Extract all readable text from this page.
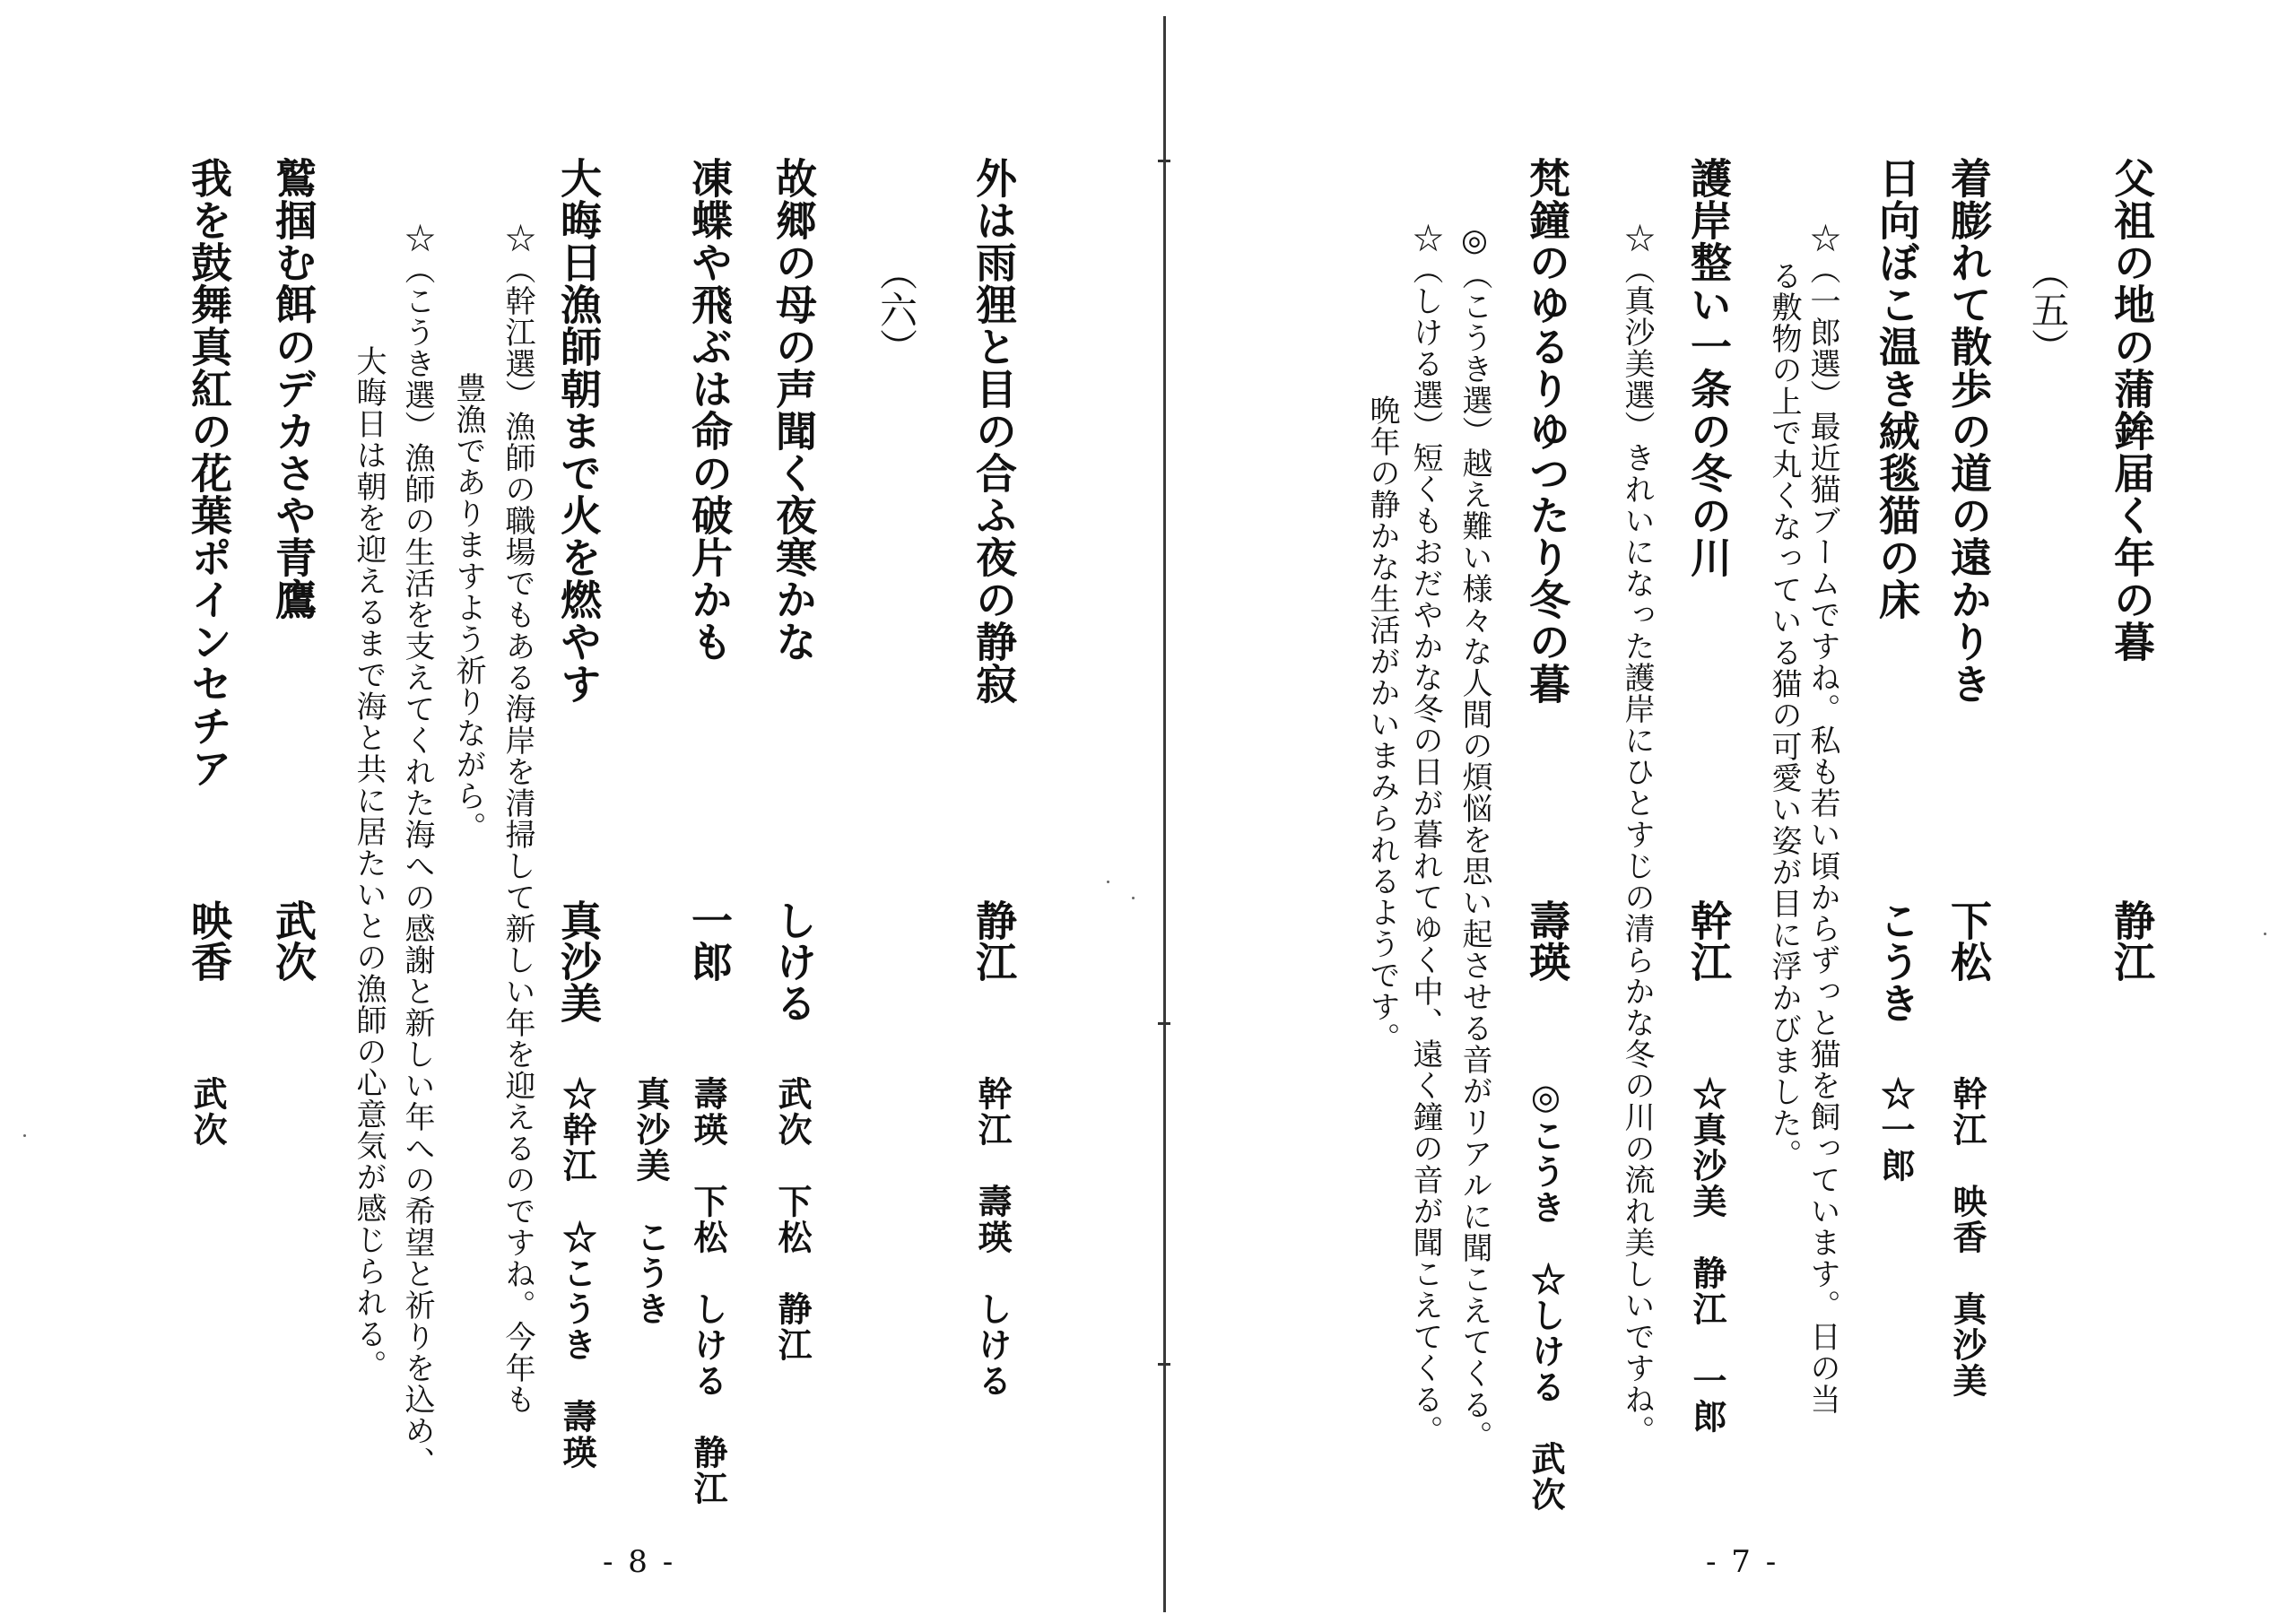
父祖の地の蒲鉾届く年の暮
静江
（五）
着膨れて散歩の道の遠かりき
下松
幹江　映香　真沙美
日向ぼこ温き絨毯猫の床
こうき
☆一郎
☆（一郎選）最近猫ブームですね。私も若い頃からずっと猫を飼っています。日の当
る敷物の上で丸くなっている猫の可愛い姿が目に浮かびました。
護岸整い一条の冬の川
幹江
☆真沙美　静江　一郎
☆（真沙美選）きれいになった護岸にひとすじの清らかな冬の川の流れ美しいですね。
梵鐘のゆるりゆつたり冬の暮
壽瑛
◎こうき　☆しける　武次
◎（こうき選）越え難い様々な人間の煩悩を思い起させる音がリアルに聞こえてくる。
☆（しける選）短くもおだやかな冬の日が暮れてゆく中、遠く鐘の音が聞こえてくる。
晩年の静かな生活がかいまみられるようです。
- 7 -
外は雨狸と目の合ふ夜の静寂
静江
幹江　壽瑛　しける
（六）
故郷の母の声聞く夜寒かな
しける
武次　下松　静江
凍蝶や飛ぶは命の破片かも
一郎
壽瑛　下松　しける　静江
真沙美　こうき
大晦日漁師朝まで火を燃やす
真沙美
☆幹江　☆こうき　壽瑛
☆（幹江選）漁師の職場でもある海岸を清掃して新しい年を迎えるのですね。今年も
豊漁でありますよう祈りながら。
☆（こうき選）漁師の生活を支えてくれた海への感謝と新しい年への希望と祈りを込め、
大晦日は朝を迎えるまで海と共に居たいとの漁師の心意気が感じられる。
鷲掴む餌のデカさや青鷹
武次
我を鼓舞真紅の花葉ポインセチア
映香
武次
- 8 -
